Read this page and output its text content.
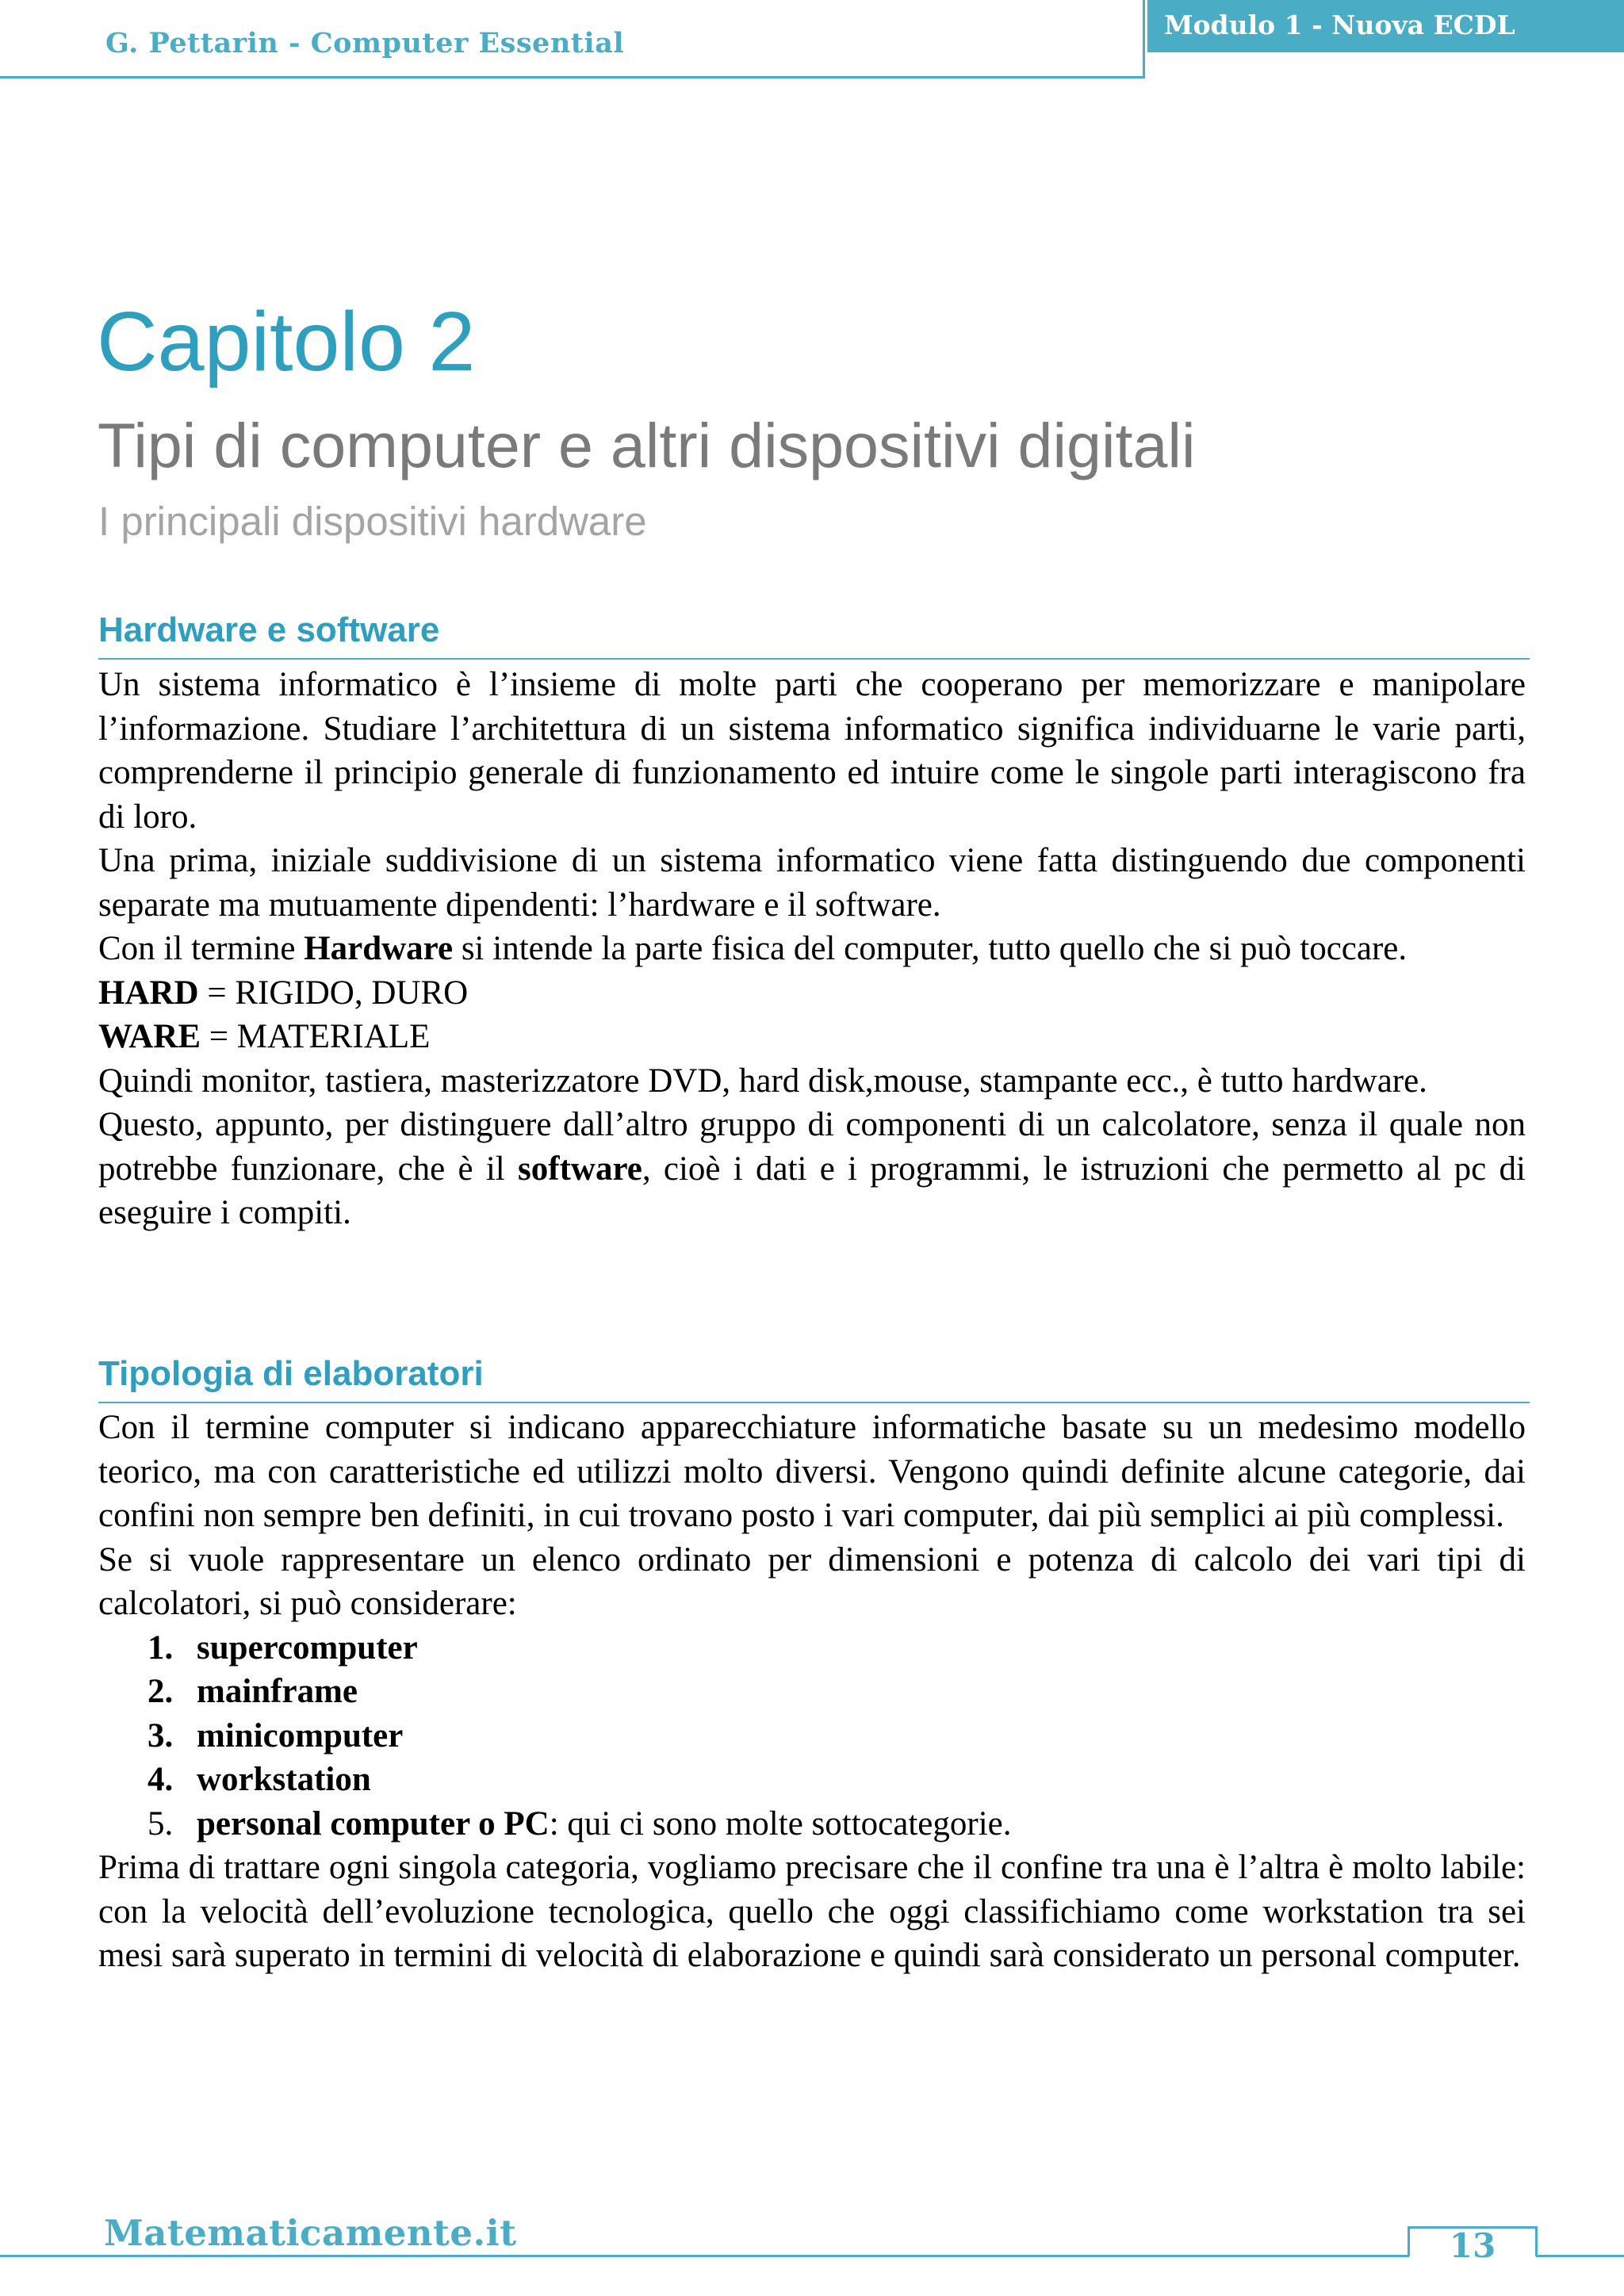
G. Pettarin - Computer Essential
Modulo 1 - Nuova ECDL
Capitolo 2
Tipi di computer e altri dispositivi digitali
I principali dispositivi hardware
Hardware e software

Un sistema informatico è l’insieme di molte parti che cooperano per memorizzare e manipolare l’informazione. Studiare l’architettura di un sistema informatico significa individuarne le varie parti, comprenderne il principio generale di funzionamento ed intuire come le singole parti interagiscono fra di loro.

Una prima, iniziale suddivisione di un sistema informatico viene fatta distinguendo due componenti separate ma mutuamente dipendenti: l’hardware e il software.

Con il termine Hardware si intende la parte fisica del computer, tutto quello che si può toccare.

HARD = RIGIDO, DURO

WARE = MATERIALE

Quindi monitor, tastiera, masterizzatore DVD, hard disk,mouse, stampante ecc., è tutto hardware.

Questo, appunto, per distinguere dall’altro gruppo di componenti di un calcolatore, senza il quale non potrebbe funzionare, che è il software, cioè i dati e i programmi, le istruzioni che permetto al pc di eseguire i compiti.

Tipologia di elaboratori

Con il termine computer si indicano apparecchiature informatiche basate su un medesimo modello teorico, ma con caratteristiche ed utilizzi molto diversi. Vengono quindi definite alcune categorie, dai confini non sempre ben definiti, in cui trovano posto i vari computer, dai più semplici ai più complessi.

Se si vuole rappresentare un elenco ordinato per dimensioni e potenza di calcolo dei vari tipi di calcolatori, si può considerare:

1. supercomputer
2. mainframe
3. minicomputer
4. workstation
5. personal computer o PC: qui ci sono molte sottocategorie.

Prima di trattare ogni singola categoria, vogliamo precisare che il confine tra una è l’altra è molto labile: con la velocità dell’evoluzione tecnologica, quello che oggi classifichiamo come workstation tra sei mesi sarà superato in termini di velocità di elaborazione e quindi sarà considerato un personal computer.

Matematicamente.it	13
